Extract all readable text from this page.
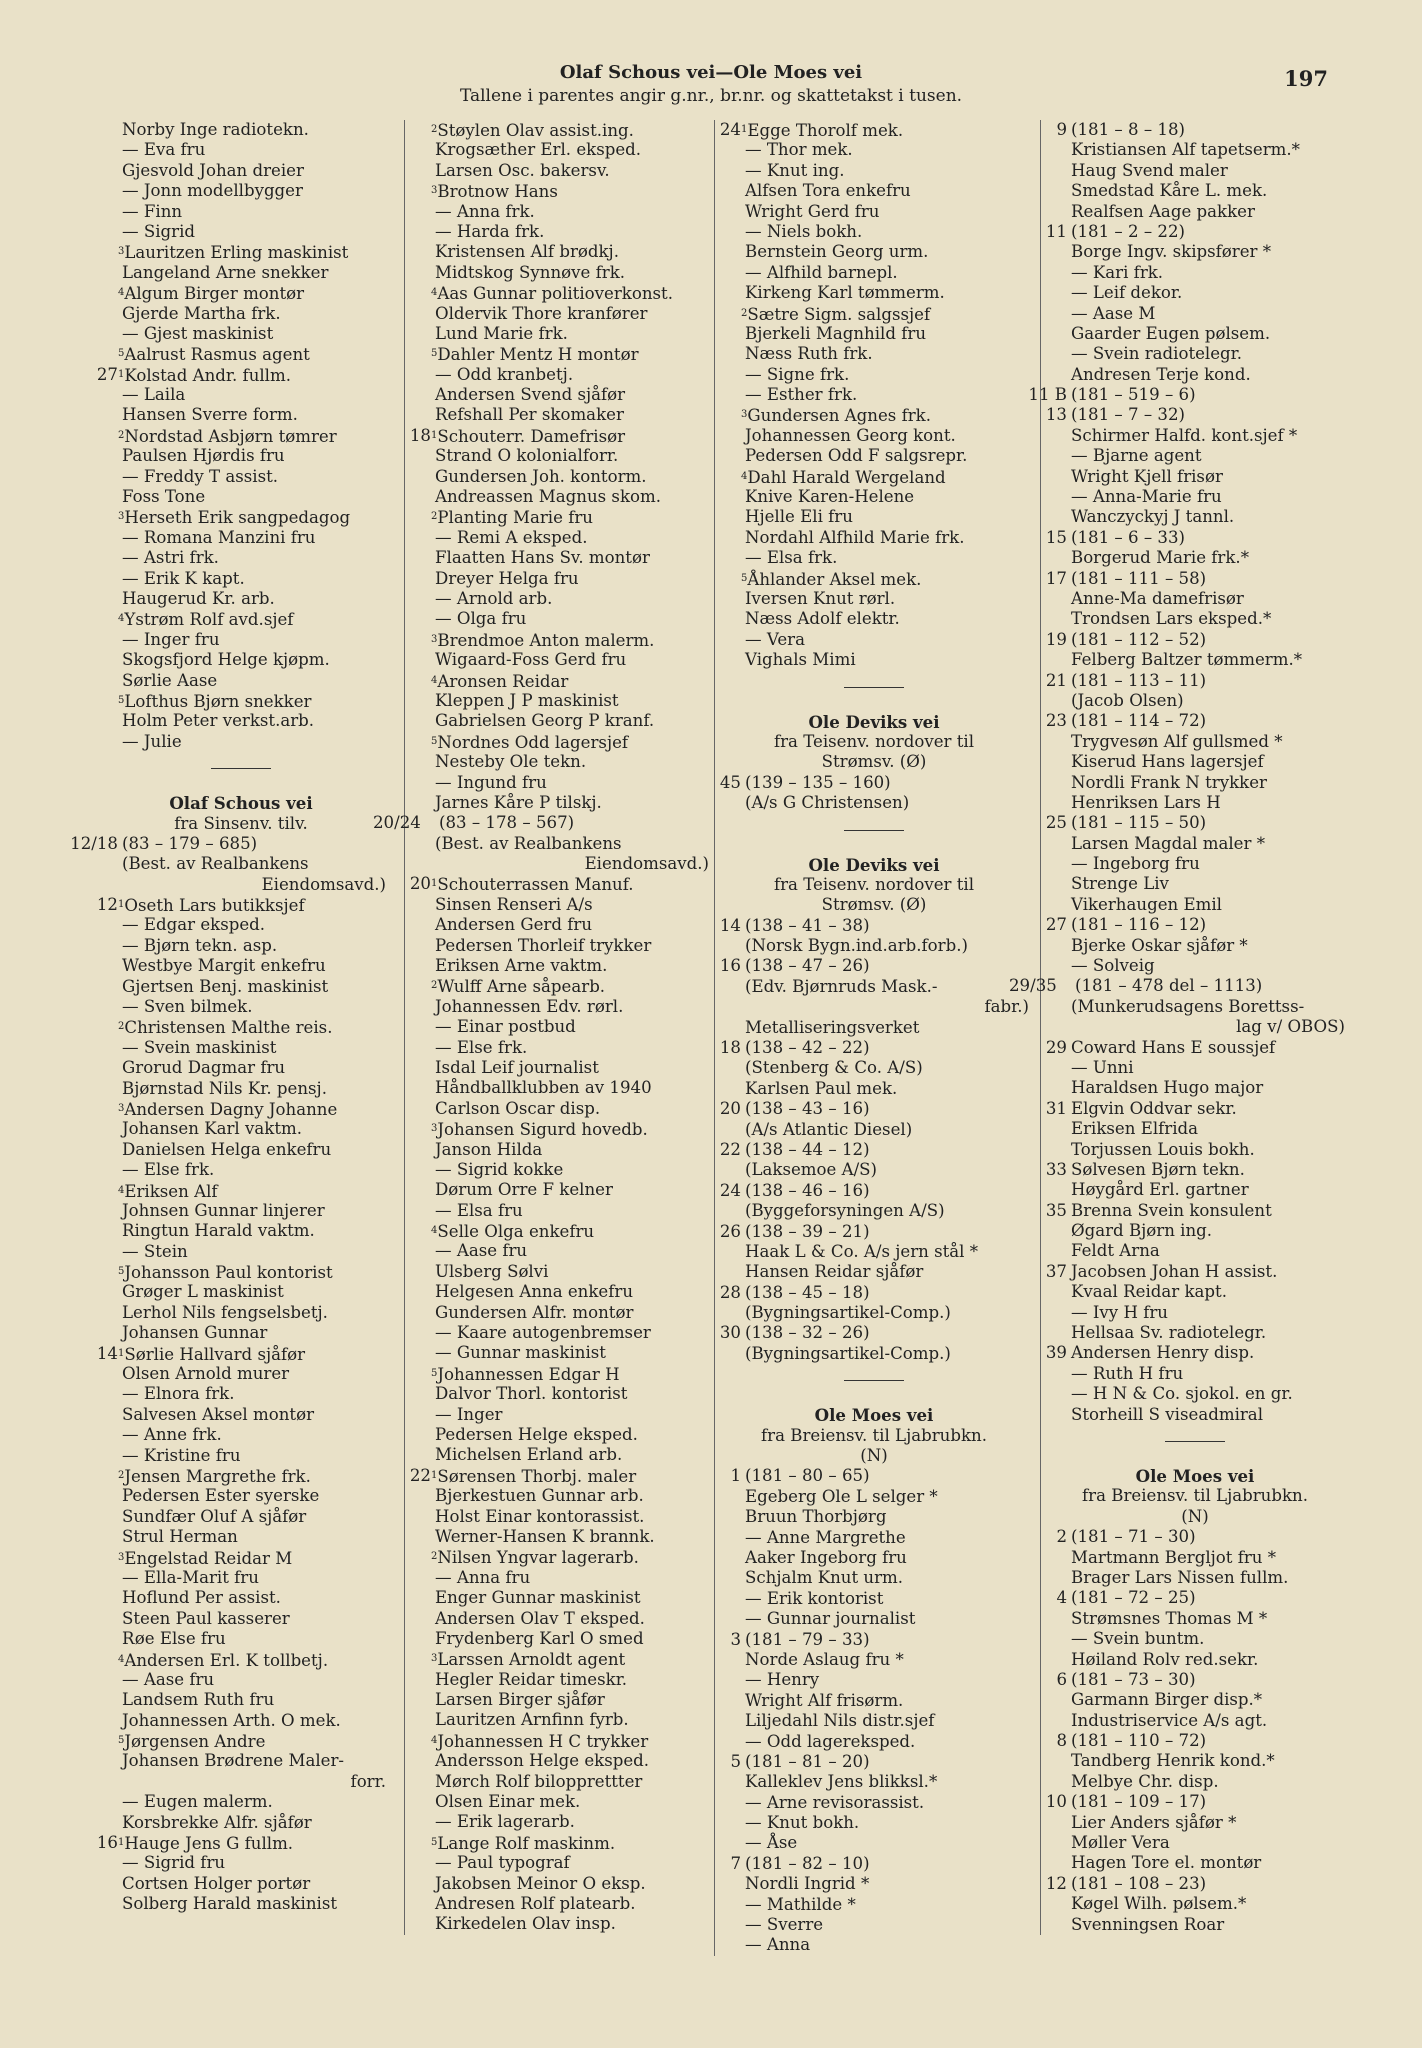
Olaf Schous vei—Ole Moes vei
Tallene i parentes angir g.nr., br.nr. og skattetakst i tusen.
197
Norby Inge radiotekn.
— Eva fru
Gjesvold Johan dreier
— Jonn modellbygger
— Finn
— Sigrid
$^3$Lauritzen Erling maskinist
Langeland Arne snekker
$^4$Algum Birger montør
Gjerde Martha frk.
— Gjest maskinist
$^5$Aalrust Rasmus agent
27 $^1$Kolstad Andr. fullm.
— Laila
Hansen Sverre form.
$^2$Nordstad Asbjørn tømrer
Paulsen Hjørdis fru
— Freddy T assist.
Foss Tone
$^3$Herseth Erik sangpedagog
— Romana Manzini fru
— Astri frk.
— Erik K kapt.
Haugerud Kr. arb.
$^4$Ystrøm Rolf avd.sjef
— Inger fru
Skogsfjord Helge kjøpm.
Sørlie Aase
$^5$Lofthus Bjørn snekker
Holm Peter verkst.arb.
— Julie
Olaf Schous vei
fra Sinsenv. tilv.
12/18 (83 – 179 – 685)
(Best. av Realbankens
Eiendomsavd.)
12 $^1$Oseth Lars butikksjef
— Edgar eksped.
— Bjørn tekn. asp.
Westbye Margit enkefru
Gjertsen Benj. maskinist
— Sven bilmek.
$^2$Christensen Malthe reis.
— Svein maskinist
Grorud Dagmar fru
Bjørnstad Nils Kr. pensj.
$^3$Andersen Dagny Johanne
Johansen Karl vaktm.
Danielsen Helga enkefru
— Else frk.
$^4$Eriksen Alf
Johnsen Gunnar linjerer
Ringtun Harald vaktm.
— Stein
$^5$Johansson Paul kontorist
Grøger L maskinist
Lerhol Nils fengselsbetj.
Johansen Gunnar
14 $^1$Sørlie Hallvard sjåfør
Olsen Arnold murer
— Elnora frk.
Salvesen Aksel montør
— Anne frk.
— Kristine fru
$^2$Jensen Margrethe frk.
Pedersen Ester syerske
Sundfær Oluf A sjåfør
Strul Herman
$^3$Engelstad Reidar M
— Ella-Marit fru
Hoflund Per assist.
Steen Paul kasserer
Røe Else fru
$^4$Andersen Erl. K tollbetj.
— Aase fru
Landsem Ruth fru
Johannessen Arth. O mek.
$^5$Jørgensen Andre
Johansen Brødrene Maler-
forr.
— Eugen malerm.
Korsbrekke Alfr. sjåfør
16 $^1$Hauge Jens G fullm.
— Sigrid fru
Cortsen Holger portør
Solberg Harald maskinist
$^2$Støylen Olav assist.ing.
Krogsæther Erl. eksped.
Larsen Osc. bakersv.
$^3$Brotnow Hans
— Anna frk.
— Harda frk.
Kristensen Alf brødkj.
Midtskog Synnøve frk.
$^4$Aas Gunnar politioverkonst.
Oldervik Thore kranfører
Lund Marie frk.
$^5$Dahler Mentz H montør
— Odd kranbetj.
Andersen Svend sjåfør
Refshall Per skomaker
18 $^1$Schouterr. Damefrisør
Strand O kolonialforr.
Gundersen Joh. kontorm.
Andreassen Magnus skom.
$^2$Planting Marie fru
— Remi A eksped.
Flaatten Hans Sv. montør
Dreyer Helga fru
— Arnold arb.
— Olga fru
$^3$Brendmoe Anton malerm.
Wigaard-Foss Gerd fru
$^4$Aronsen Reidar
Kleppen J P maskinist
Gabrielsen Georg P kranf.
$^5$Nordnes Odd lagersjef
Nesteby Ole tekn.
— Ingund fru
Jarnes Kåre P tilskj.
20/24	(83 – 178 – 567)
(Best. av Realbankens
Eiendomsavd.)
20 $^1$Schouterrassen Manuf.
Sinsen Renseri A/s
Andersen Gerd fru
Pedersen Thorleif trykker
Eriksen Arne vaktm.
$^2$Wulff Arne såpearb.
Johannessen Edv. rørl.
— Einar postbud
— Else frk.
Isdal Leif journalist
Håndballklubben av 1940
Carlson Oscar disp.
$^3$Johansen Sigurd hovedb.
Janson Hilda
— Sigrid kokke
Dørum Orre F kelner
— Elsa fru
$^4$Selle Olga enkefru
— Aase fru
Ulsberg Sølvi
Helgesen Anna enkefru
Gundersen Alfr. montør
— Kaare autogenbremser
— Gunnar maskinist
$^5$Johannessen Edgar H
Dalvor Thorl. kontorist
— Inger
Pedersen Helge eksped.
Michelsen Erland arb.
22 $^1$Sørensen Thorbj. maler
Bjerkestuen Gunnar arb.
Holst Einar kontorassist.
Werner-Hansen K brannk.
$^2$Nilsen Yngvar lagerarb.
— Anna fru
Enger Gunnar maskinist
Andersen Olav T eksped.
Frydenberg Karl O smed
$^3$Larssen Arnoldt agent
Hegler Reidar timeskr.
Larsen Birger sjåfør
Lauritzen Arnfinn fyrb.
$^4$Johannessen H C trykker
Andersson Helge eksped.
Mørch Rolf bilopprettter
Olsen Einar mek.
— Erik lagerarb.
$^5$Lange Rolf maskinm.
— Paul typograf
Jakobsen Meinor O eksp.
Andresen Rolf platearb.
Kirkedelen Olav insp.
24 $^1$Egge Thorolf mek.
— Thor mek.
— Knut ing.
Alfsen Tora enkefru
Wright Gerd fru
— Niels bokh.
Bernstein Georg urm.
— Alfhild barnepl.
Kirkeng Karl tømmerm.
$^2$Sætre Sigm. salgssjef
Bjerkeli Magnhild fru
Næss Ruth frk.
— Signe frk.
— Esther frk.
$^3$Gundersen Agnes frk.
Johannessen Georg kont.
Pedersen Odd F salgsrepr.
$^4$Dahl Harald Wergeland
Knive Karen-Helene
Hjelle Eli fru
Nordahl Alfhild Marie frk.
— Elsa frk.
$^5$Åhlander Aksel mek.
Iversen Knut rørl.
Næss Adolf elektr.
— Vera
Vighals Mimi
Ole Deviks vei
fra Teisenv. nordover til
Strømsv. (Ø)
45 (139 – 135 – 160)
(A/s G Christensen)
Ole Deviks vei
fra Teisenv. nordover til
Strømsv. (Ø)
14 (138 – 41 – 38)
(Norsk Bygn.ind.arb.forb.)
16 (138 – 47 – 26)
(Edv. Bjørnruds Mask.-
fabr.)
Metalliseringsverket
18 (138 – 42 – 22)
(Stenberg & Co. A/S)
Karlsen Paul mek.
20 (138 – 43 – 16)
(A/s Atlantic Diesel)
22 (138 – 44 – 12)
(Laksemoe A/S)
24 (138 – 46 – 16)
(Byggeforsyningen A/S)
26 (138 – 39 – 21)
Haak L & Co. A/s jern stål *
Hansen Reidar sjåfør
28 (138 – 45 – 18)
(Bygningsartikel-Comp.)
30 (138 – 32 – 26)
(Bygningsartikel-Comp.)
Ole Moes vei
fra Breiensv. til Ljabrubkn.
(N)
1 (181 – 80 – 65)
Egeberg Ole L selger *
Bruun Thorbjørg
— Anne Margrethe
Aaker Ingeborg fru
Schjalm Knut urm.
— Erik kontorist
— Gunnar journalist
3 (181 – 79 – 33)
Norde Aslaug fru *
— Henry
Wright Alf frisørm.
Liljedahl Nils distr.sjef
— Odd lagereksped.
5 (181 – 81 – 20)
Kalleklev Jens blikksl.*
— Arne revisorassist.
— Knut bokh.
— Åse
7 (181 – 82 – 10)
Nordli Ingrid *
— Mathilde *
— Sverre
— Anna
9 (181 – 8 – 18)
Kristiansen Alf tapetserm.*
Haug Svend maler
Smedstad Kåre L. mek.
Realfsen Aage pakker
11 (181 – 2 – 22)
Borge Ingv. skipsfører *
— Kari frk.
— Leif dekor.
— Aase M
Gaarder Eugen pølsem.
— Svein radiotelegr.
Andresen Terje kond.
11 B (181 – 519 – 6)
13 (181 – 7 – 32)
Schirmer Halfd. kont.sjef *
— Bjarne agent
Wright Kjell frisør
— Anna-Marie fru
Wanczyckyj J tannl.
15 (181 – 6 – 33)
Borgerud Marie frk.*
17 (181 – 111 – 58)
Anne-Ma damefrisør
Trondsen Lars eksped.*
19 (181 – 112 – 52)
Felberg Baltzer tømmerm.*
21 (181 – 113 – 11)
(Jacob Olsen)
23 (181 – 114 – 72)
Trygvesøn Alf gullsmed *
Kiserud Hans lagersjef
Nordli Frank N trykker
Henriksen Lars H
25 (181 – 115 – 50)
Larsen Magdal maler *
— Ingeborg fru
Strenge Liv
Vikerhaugen Emil
27 (181 – 116 – 12)
Bjerke Oskar sjåfør *
— Solveig
29/35	(181 – 478 del – 1113)
(Munkerudsagens Borettss-
lag v/ OBOS)
29 Coward Hans E soussjef
— Unni
Haraldsen Hugo major
31 Elgvin Oddvar sekr.
Eriksen Elfrida
Torjussen Louis bokh.
33 Sølvesen Bjørn tekn.
Høygård Erl. gartner
35 Brenna Svein konsulent
Øgard Bjørn ing.
Feldt Arna
37 Jacobsen Johan H assist.
Kvaal Reidar kapt.
— Ivy H fru
Hellsaa Sv. radiotelegr.
39 Andersen Henry disp.
— Ruth H fru
— H N & Co. sjokol. en gr.
Storheill S viseadmiral
Ole Moes vei
fra Breiensv. til Ljabrubkn.
(N)
2 (181 – 71 – 30)
Martmann Bergljot fru *
Brager Lars Nissen fullm.
4 (181 – 72 – 25)
Strømsnes Thomas M *
— Svein buntm.
Høiland Rolv red.sekr.
6 (181 – 73 – 30)
Garmann Birger disp.*
Industriservice A/s agt.
8 (181 – 110 – 72)
Tandberg Henrik kond.*
Melbye Chr. disp.
10 (181 – 109 – 17)
Lier Anders sjåfør *
Møller Vera
Hagen Tore el. montør
12 (181 – 108 – 23)
Køgel Wilh. pølsem.*
Svenningsen Roar
